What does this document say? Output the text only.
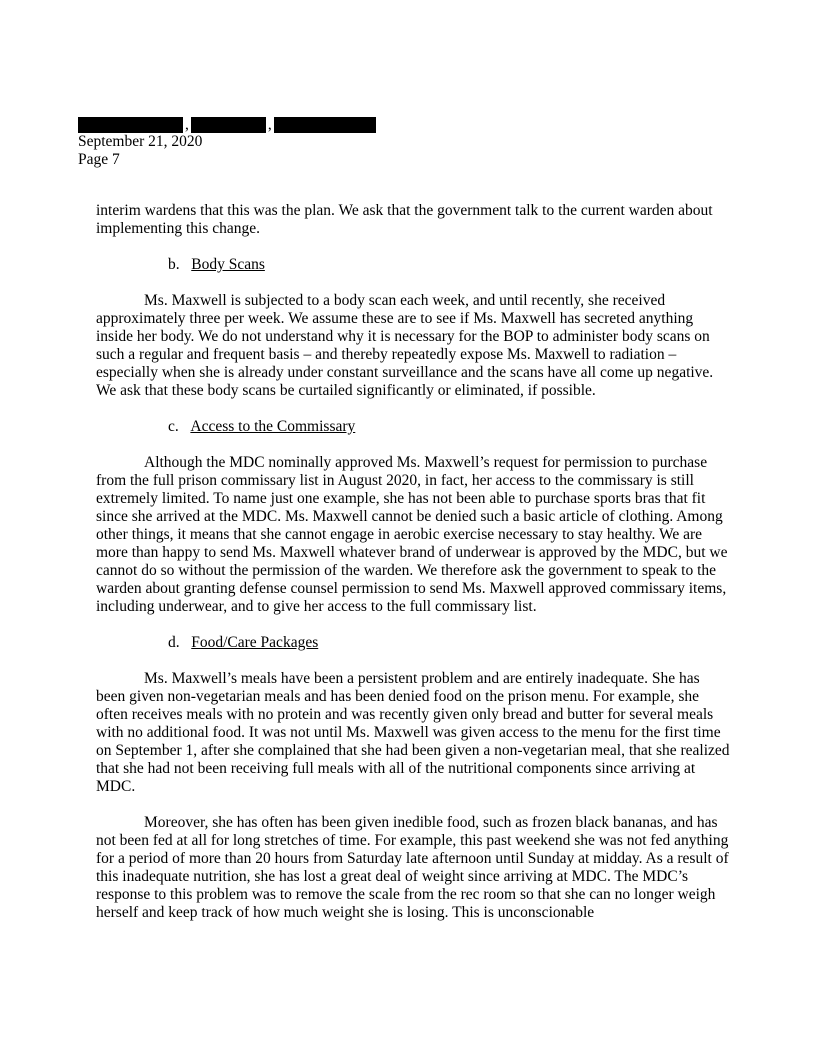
,	,

September 21, 2020

Page 7

interim wardens that this was the plan. We ask that the government talk to the current warden about implementing this change.

b. Body Scans

Ms. Maxwell is subjected to a body scan each week, and until recently, she received approximately three per week. We assume these are to see if Ms. Maxwell has secreted anything inside her body. We do not understand why it is necessary for the BOP to administer body scans on such a regular and frequent basis – and thereby repeatedly expose Ms. Maxwell to radiation – especially when she is already under constant surveillance and the scans have all come up negative. We ask that these body scans be curtailed significantly or eliminated, if possible.

c. Access to the Commissary

Although the MDC nominally approved Ms. Maxwell’s request for permission to purchase from the full prison commissary list in August 2020, in fact, her access to the commissary is still extremely limited. To name just one example, she has not been able to purchase sports bras that fit since she arrived at the MDC. Ms. Maxwell cannot be denied such a basic article of clothing. Among other things, it means that she cannot engage in aerobic exercise necessary to stay healthy. We are more than happy to send Ms. Maxwell whatever brand of underwear is approved by the MDC, but we cannot do so without the permission of the warden. We therefore ask the government to speak to the warden about granting defense counsel permission to send Ms. Maxwell approved commissary items, including underwear, and to give her access to the full commissary list.

d. Food/Care Packages

Ms. Maxwell’s meals have been a persistent problem and are entirely inadequate. She has been given non-vegetarian meals and has been denied food on the prison menu. For example, she often receives meals with no protein and was recently given only bread and butter for several meals with no additional food. It was not until Ms. Maxwell was given access to the menu for the first time on September 1, after she complained that she had been given a non-vegetarian meal, that she realized that she had not been receiving full meals with all of the nutritional components since arriving at MDC.

Moreover, she has often has been given inedible food, such as frozen black bananas, and has not been fed at all for long stretches of time. For example, this past weekend she was not fed anything for a period of more than 20 hours from Saturday late afternoon until Sunday at midday. As a result of this inadequate nutrition, she has lost a great deal of weight since arriving at MDC. The MDC’s response to this problem was to remove the scale from the rec room so that she can no longer weigh herself and keep track of how much weight she is losing. This is unconscionable
